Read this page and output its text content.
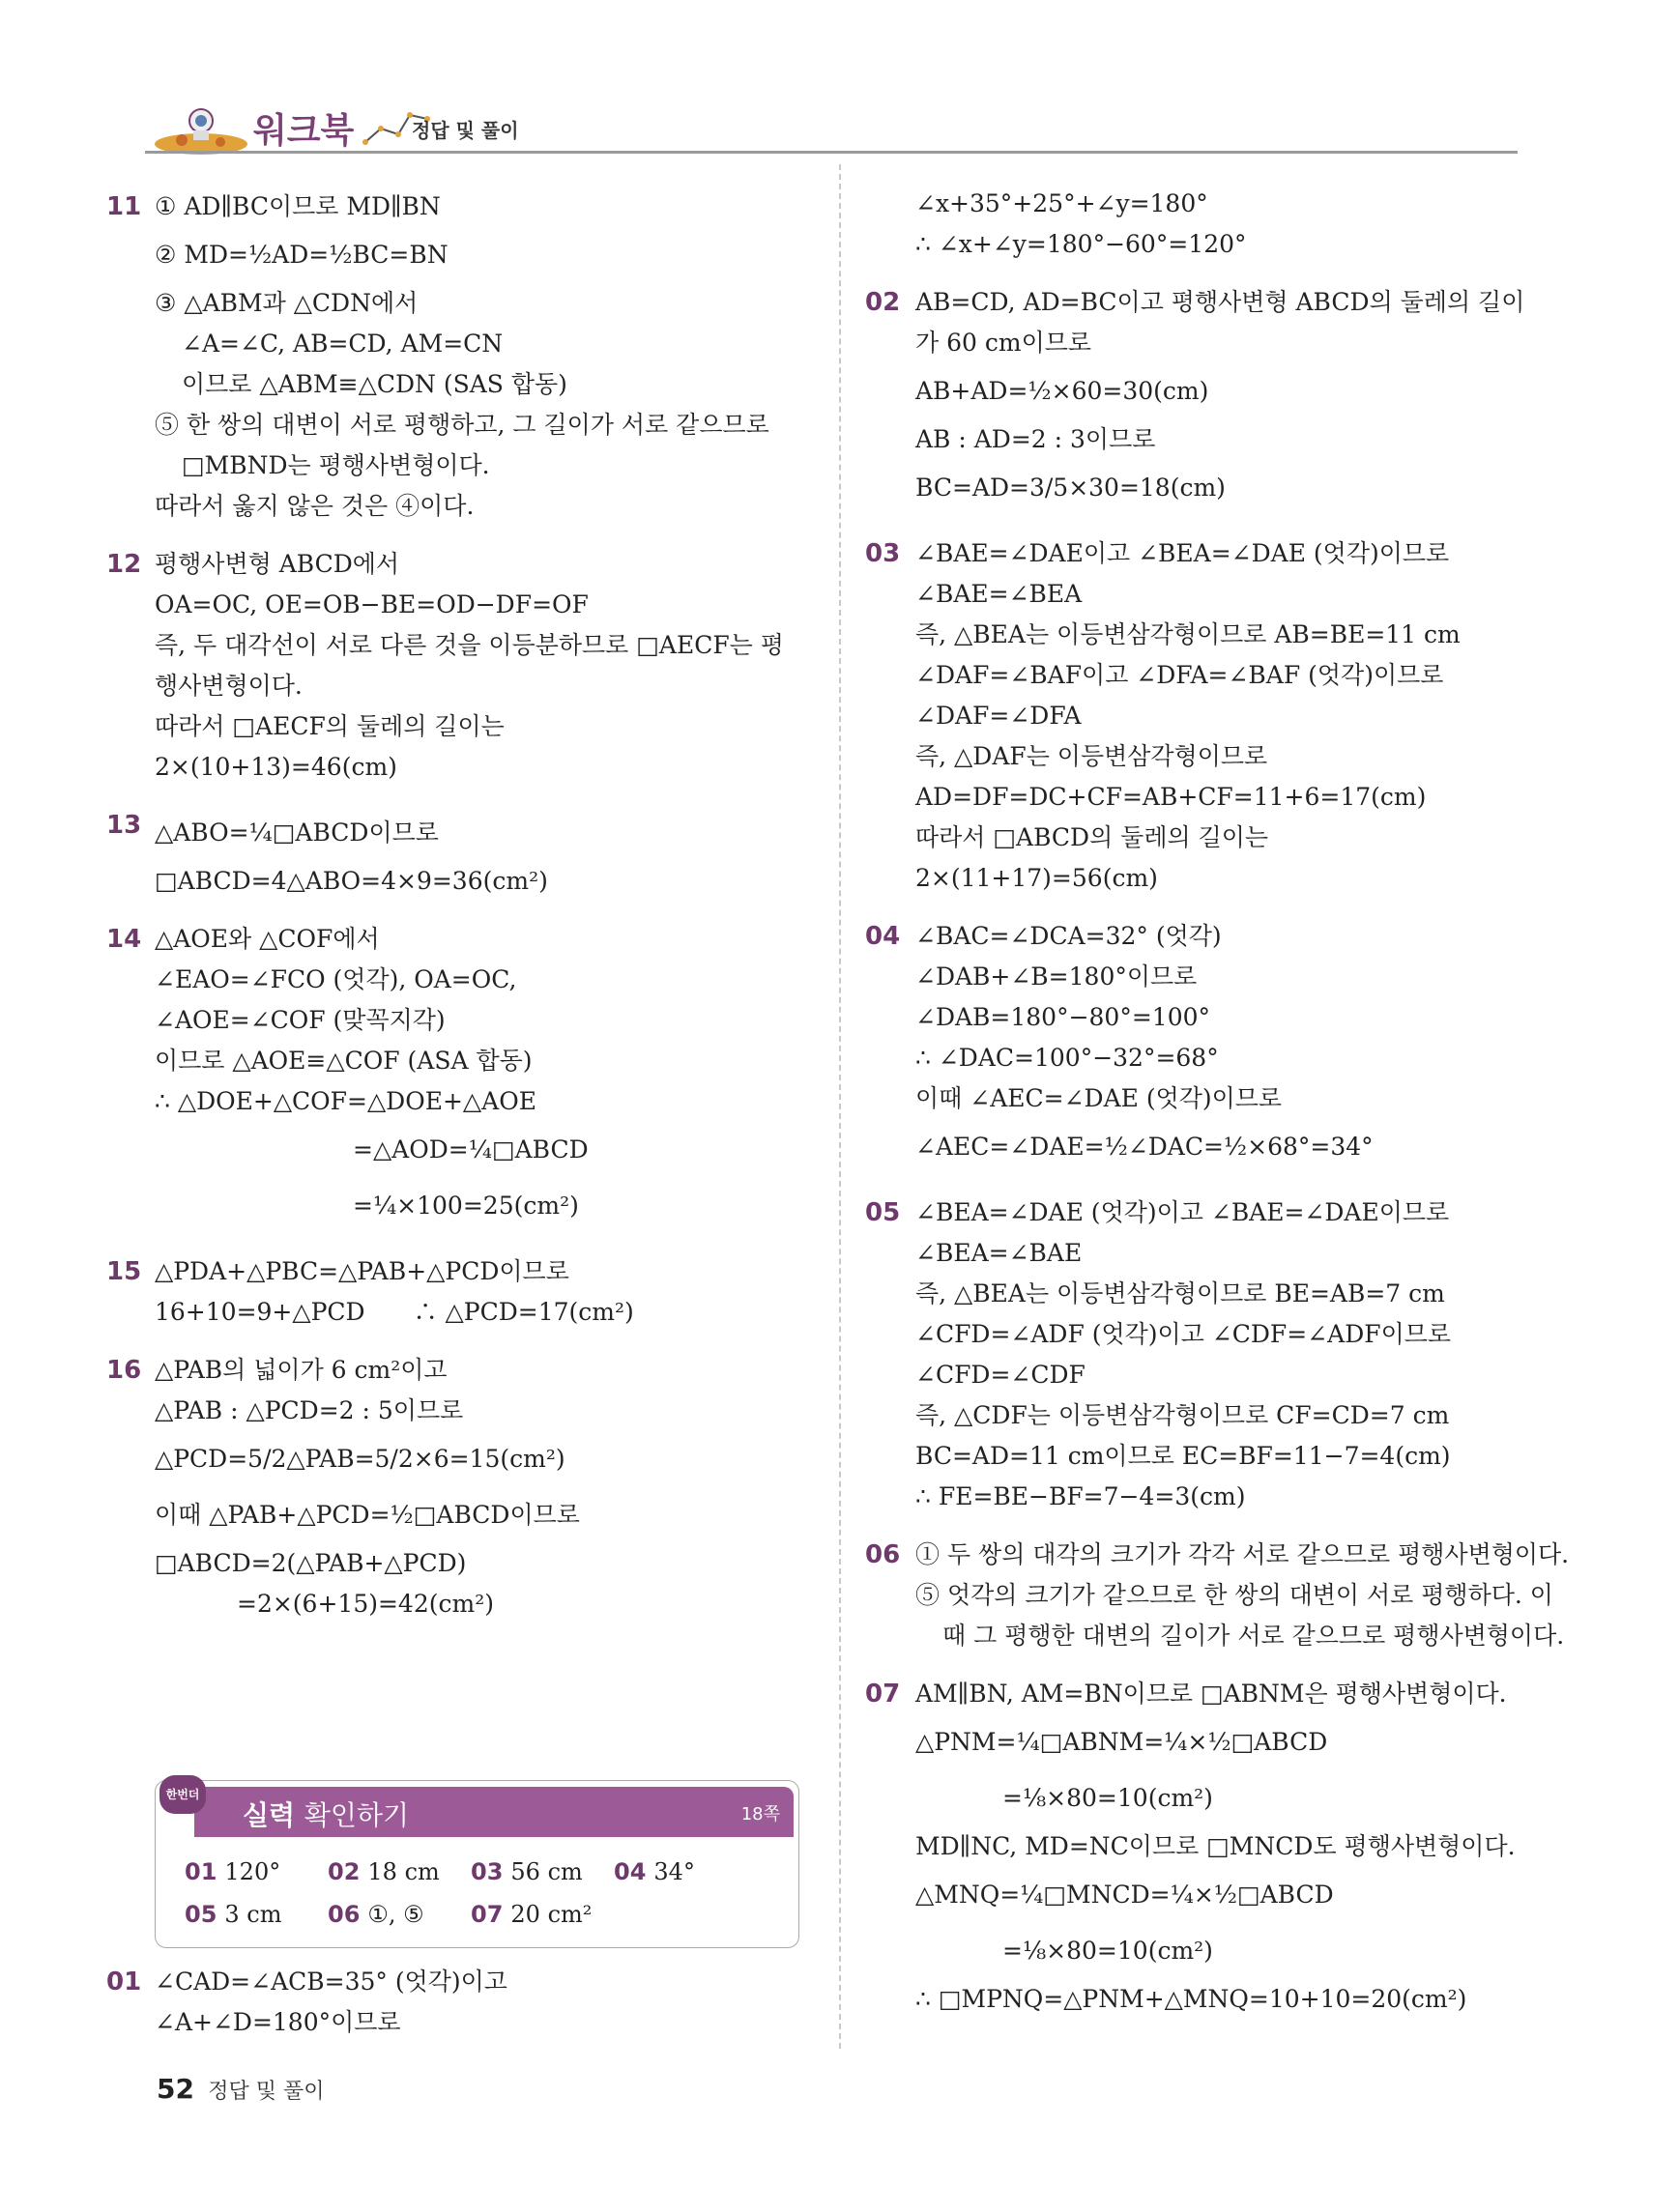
워크북	정답 및 풀이
11 ① AD∥BC이므로 MD∥BN
② MD=½AD=½BC=BN
③ △ABM과 △CDN에서
∠A=∠C, AB=CD, AM=CN
이므로 △ABM≡△CDN (SAS 합동)
⑤ 한 쌍의 대변이 서로 평행하고, 그 길이가 서로 같으므로
□MBND는 평행사변형이다.
따라서 옳지 않은 것은 ④이다.
12 평행사변형 ABCD에서
OA=OC, OE=OB−BE=OD−DF=OF
즉, 두 대각선이 서로 다른 것을 이등분하므로 □AECF는 평
행사변형이다.
따라서 □AECF의 둘레의 길이는
2×(10+13)=46(cm)
13 △ABO=¼□ABCD이므로
□ABCD=4△ABO=4×9=36(cm²)
14 △AOE와 △COF에서
∠EAO=∠FCO (엇각), OA=OC,
∠AOE=∠COF (맞꼭지각)
이므로 △AOE≡△COF (ASA 합동)
∴ △DOE+△COF=△DOE+△AOE
=△AOD=¼□ABCD
=¼×100=25(cm²)
15 △PDA+△PBC=△PAB+△PCD이므로
16+10=9+△PCD　　∴ △PCD=17(cm²)
16 △PAB의 넓이가 6 cm²이고
△PAB : △PCD=2 : 5이므로
△PCD=5/2△PAB=5/2×6=15(cm²)
이때 △PAB+△PCD=½□ABCD이므로
□ABCD=2(△PAB+△PCD)
=2×(6+15)=42(cm²)
01 ∠CAD=∠ACB=35° (엇각)이고
∠A+∠D=180°이므로
∠x+35°+25°+∠y=180°
∴ ∠x+∠y=180°−60°=120°
02 AB=CD, AD=BC이고 평행사변형 ABCD의 둘레의 길이
가 60 cm이므로
AB+AD=½×60=30(cm)
AB : AD=2 : 3이므로
BC=AD=3/5×30=18(cm)
03 ∠BAE=∠DAE이고 ∠BEA=∠DAE (엇각)이므로
∠BAE=∠BEA
즉, △BEA는 이등변삼각형이므로 AB=BE=11 cm
∠DAF=∠BAF이고 ∠DFA=∠BAF (엇각)이므로
∠DAF=∠DFA
즉, △DAF는 이등변삼각형이므로
AD=DF=DC+CF=AB+CF=11+6=17(cm)
따라서 □ABCD의 둘레의 길이는
2×(11+17)=56(cm)
04 ∠BAC=∠DCA=32° (엇각)
∠DAB+∠B=180°이므로
∠DAB=180°−80°=100°
∴ ∠DAC=100°−32°=68°
이때 ∠AEC=∠DAE (엇각)이므로
∠AEC=∠DAE=½∠DAC=½×68°=34°
05 ∠BEA=∠DAE (엇각)이고 ∠BAE=∠DAE이므로
∠BEA=∠BAE
즉, △BEA는 이등변삼각형이므로 BE=AB=7 cm
∠CFD=∠ADF (엇각)이고 ∠CDF=∠ADF이므로
∠CFD=∠CDF
즉, △CDF는 이등변삼각형이므로 CF=CD=7 cm
BC=AD=11 cm이므로 EC=BF=11−7=4(cm)
∴ FE=BE−BF=7−4=3(cm)
06 ① 두 쌍의 대각의 크기가 각각 서로 같으므로 평행사변형이다.
⑤ 엇각의 크기가 같으므로 한 쌍의 대변이 서로 평행하다. 이
때 그 평행한 대변의 길이가 서로 같으므로 평행사변형이다.
07 AM∥BN, AM=BN이므로 □ABNM은 평행사변형이다.
△PNM=¼□ABNM=¼×½□ABCD
=⅛×80=10(cm²)
MD∥NC, MD=NC이므로 □MNCD도 평행사변형이다.
△MNQ=¼□MNCD=¼×½□ABCD
=⅛×80=10(cm²)
∴ □MPNQ=△PNM+△MNQ=10+10=20(cm²)
실력 확인하기	18쪽
한번더
01 120° 02 18 cm 03 56 cm 04 34°05 3 cm 06 ①, ⑤ 07 20 cm²
52 정답 및 풀이
